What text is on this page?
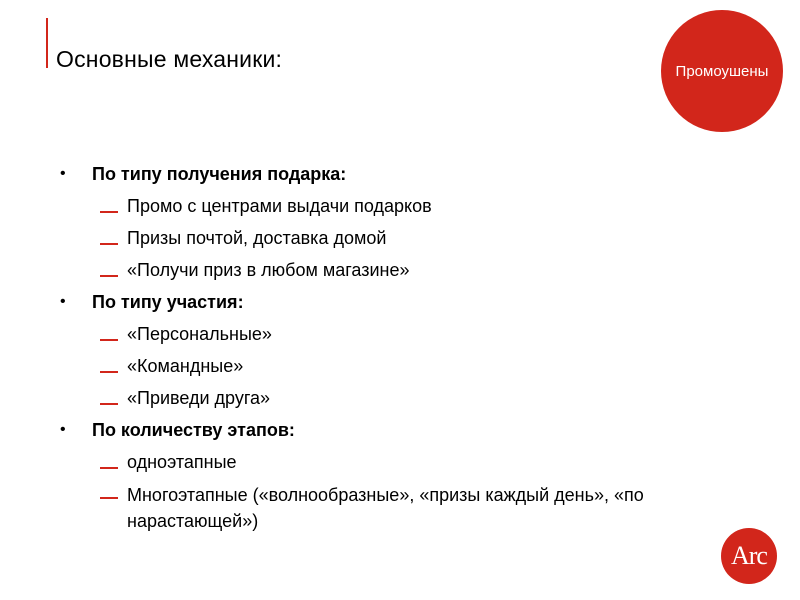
Основные механики:	Промоушены
• По типу получения подарка:
Промо с центрами выдачи подарков
Призы почтой, доставка домой
«Получи приз в любом магазине»
• По типу участия:
«Персональные»
«Командные»
«Приведи друга»
• По количеству этапов:
одноэтапные
Многоэтапные («волнообразные», «призы каждый день», «по нарастающей»)
Arc
